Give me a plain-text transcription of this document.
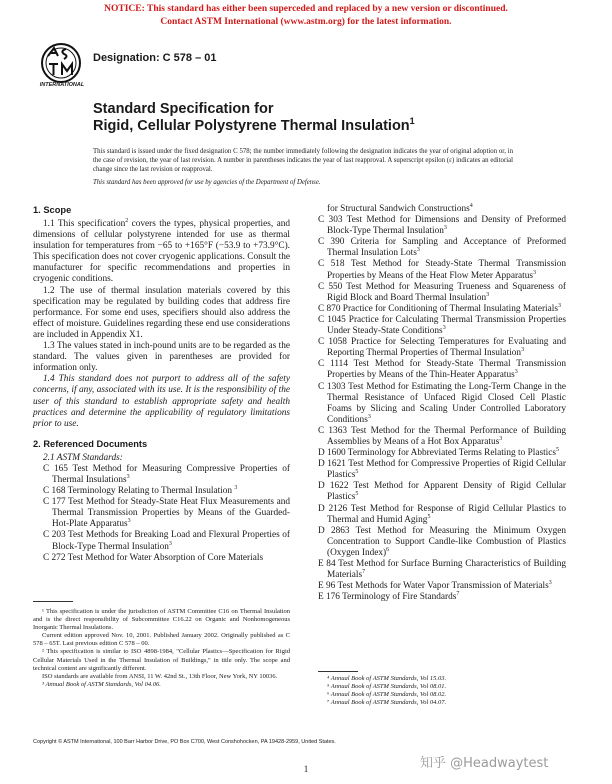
NOTICE: This standard has either been superceded and replaced by a new version or discontinued.
Contact ASTM International (www.astm.org) for the latest information.
INTERNATIONAL
Designation: C 578 – 01
Standard Specification for
Rigid, Cellular Polystyrene Thermal Insulation$^1$
This standard is issued under the fixed designation C 578; the number immediately following the designation indicates the year of original adoption or, in the case of revision, the year of last revision. A number in parentheses indicates the year of last reapproval. A superscript epsilon (ε) indicates an editorial change since the last revision or reapproval.
This standard has been approved for use by agencies of the Department of Defense.

1. Scope

1.1 This specification$^2$ covers the types, physical properties, and dimensions of cellular polystyrene intended for use as thermal insulation for temperatures from −65 to +165°F (−53.9 to +73.9°C). This specification does not cover cryogenic applications. Consult the manufacturer for specific recommendations and properties in cryogenic conditions.

1.2 The use of thermal insulation materials covered by this specification may be regulated by building codes that address fire performance. For some end uses, specifiers should also address the effect of moisture. Guidelines regarding these end use considerations are included in Appendix X1.

1.3 The values stated in inch-pound units are to be regarded as the standard. The values given in parentheses are provided for information only.

1.4 This standard does not purport to address all of the safety concerns, if any, associated with its use. It is the responsibility of the user of this standard to establish appropriate safety and health practices and determine the applicability of regulatory limitations prior to use.

2. Referenced Documents

2.1 ASTM Standards:

C 165 Test Method for Measuring Compressive Properties of Thermal Insulations$^3$

C 168 Terminology Relating to Thermal Insulation $^3$

C 177 Test Method for Steady-State Heat Flux Measurements and Thermal Transmission Properties by Means of the Guarded-Hot-Plate Apparatus$^3$

C 203 Test Methods for Breaking Load and Flexural Properties of Block-Type Thermal Insulation$^3$

C 272 Test Method for Water Absorption of Core Materials

for Structural Sandwich Constructions$^4$

C 303 Test Method for Dimensions and Density of Preformed Block-Type Thermal Insulation$^3$

C 390 Criteria for Sampling and Acceptance of Preformed Thermal Insulation Lots$^3$

C 518 Test Method for Steady-State Thermal Transmission Properties by Means of the Heat Flow Meter Apparatus$^3$

C 550 Test Method for Measuring Trueness and Squareness of Rigid Block and Board Thermal Insulation$^3$

C 870 Practice for Conditioning of Thermal Insulating Materials$^3$

C 1045 Practice for Calculating Thermal Transmission Properties Under Steady-State Conditions$^3$

C 1058 Practice for Selecting Temperatures for Evaluating and Reporting Thermal Properties of Thermal Insulation$^3$

C 1114 Test Method for Steady-State Thermal Transmission Properties by Means of the Thin-Heater Apparatus$^3$

C 1303 Test Method for Estimating the Long-Term Change in the Thermal Resistance of Unfaced Rigid Closed Cell Plastic Foams by Slicing and Scaling Under Controlled Laboratory Conditions$^3$

C 1363 Test Method for the Thermal Performance of Building Assemblies by Means of a Hot Box Apparatus$^3$

D 1600 Terminology for Abbreviated Terms Relating to Plastics$^5$

D 1621 Test Method for Compressive Properties of Rigid Cellular Plastics$^5$

D 1622 Test Method for Apparent Density of Rigid Cellular Plastics$^5$

D 2126 Test Method for Response of Rigid Cellular Plastics to Thermal and Humid Aging$^5$

D 2863 Test Method for Measuring the Minimum Oxygen Concentration to Support Candle-like Combustion of Plastics (Oxygen Index)$^6$

E 84 Test Method for Surface Burning Characteristics of Building Materials$^7$

E 96 Test Methods for Water Vapor Transmission of Materials$^3$

E 176 Terminology of Fire Standards$^7$

¹ This specification is under the jurisdiction of ASTM Committee C16 on Thermal Insulation and is the direct responsibility of Subcommittee C16.22 on Organic and Nonhomogeneous Inorganic Thermal Insulations.

Current edition approved Nov. 10, 2001. Published January 2002. Originally published as C 578 – 65T. Last previous edition C 578 – 00.

² This specification is similar to ISO 4898-1984, "Cellular Plastics—Specification for Rigid Cellular Materials Used in the Thermal Insulation of Buildings," in title only. The scope and technical content are significantly different.

ISO standards are available from ANSI, 11 W. 42nd St., 13th Floor, New York, NY 10036.

³ Annual Book of ASTM Standards, Vol 04.06.

⁴ Annual Book of ASTM Standards, Vol 15.03.

⁵ Annual Book of ASTM Standards, Vol 08.01.

⁶ Annual Book of ASTM Standards, Vol 08.02.

⁷ Annual Book of ASTM Standards, Vol 04.07.

Copyright © ASTM International, 100 Barr Harbor Drive, PO Box C700, West Conshohocken, PA 19428-2959, United States.
1	知乎 @Headwaytest
